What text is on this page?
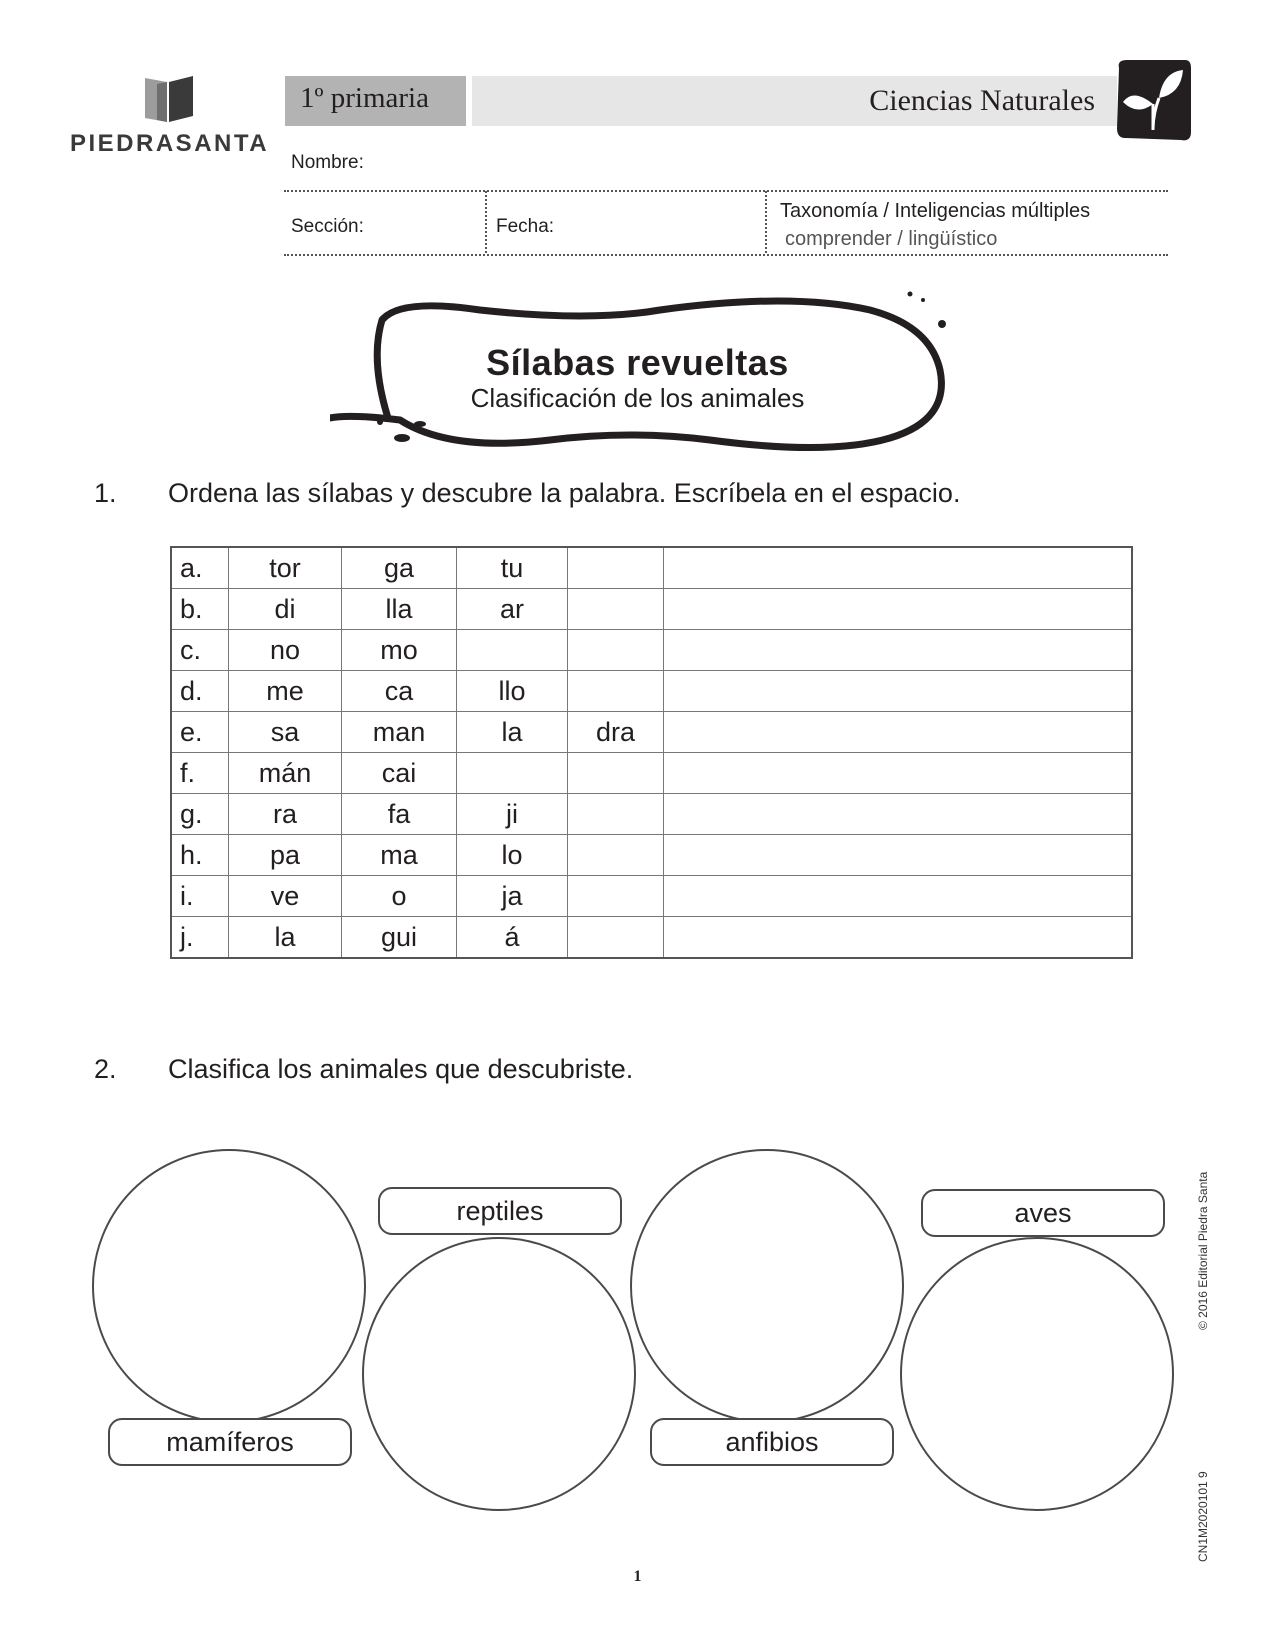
PIEDRASANTA
1º primaria	Ciencias Naturales
Nombre:
Sección:	Fecha:
Taxonomía / Inteligencias múltiples
comprender / lingüístico
Sílabas revueltas
Clasificación de los animales
1. Ordena las sílabas y descubre la palabra. Escríbela en el espacio.
a.	tor	ga	tu		
b.	di	lla	ar		
c.	no	mo			
d.	me	ca	llo		
e.	sa	man	la	dra	
f.	mán	cai			
g.	ra	fa	ji		
h.	pa	ma	lo		
i.	ve	o	ja		
j.	la	gui	á		
2. Clasifica los animales que descubriste.
reptiles	aves
mamíferos	anfibios
© 2016 Editorial Piedra Santa
CN1M2020101 9
1
